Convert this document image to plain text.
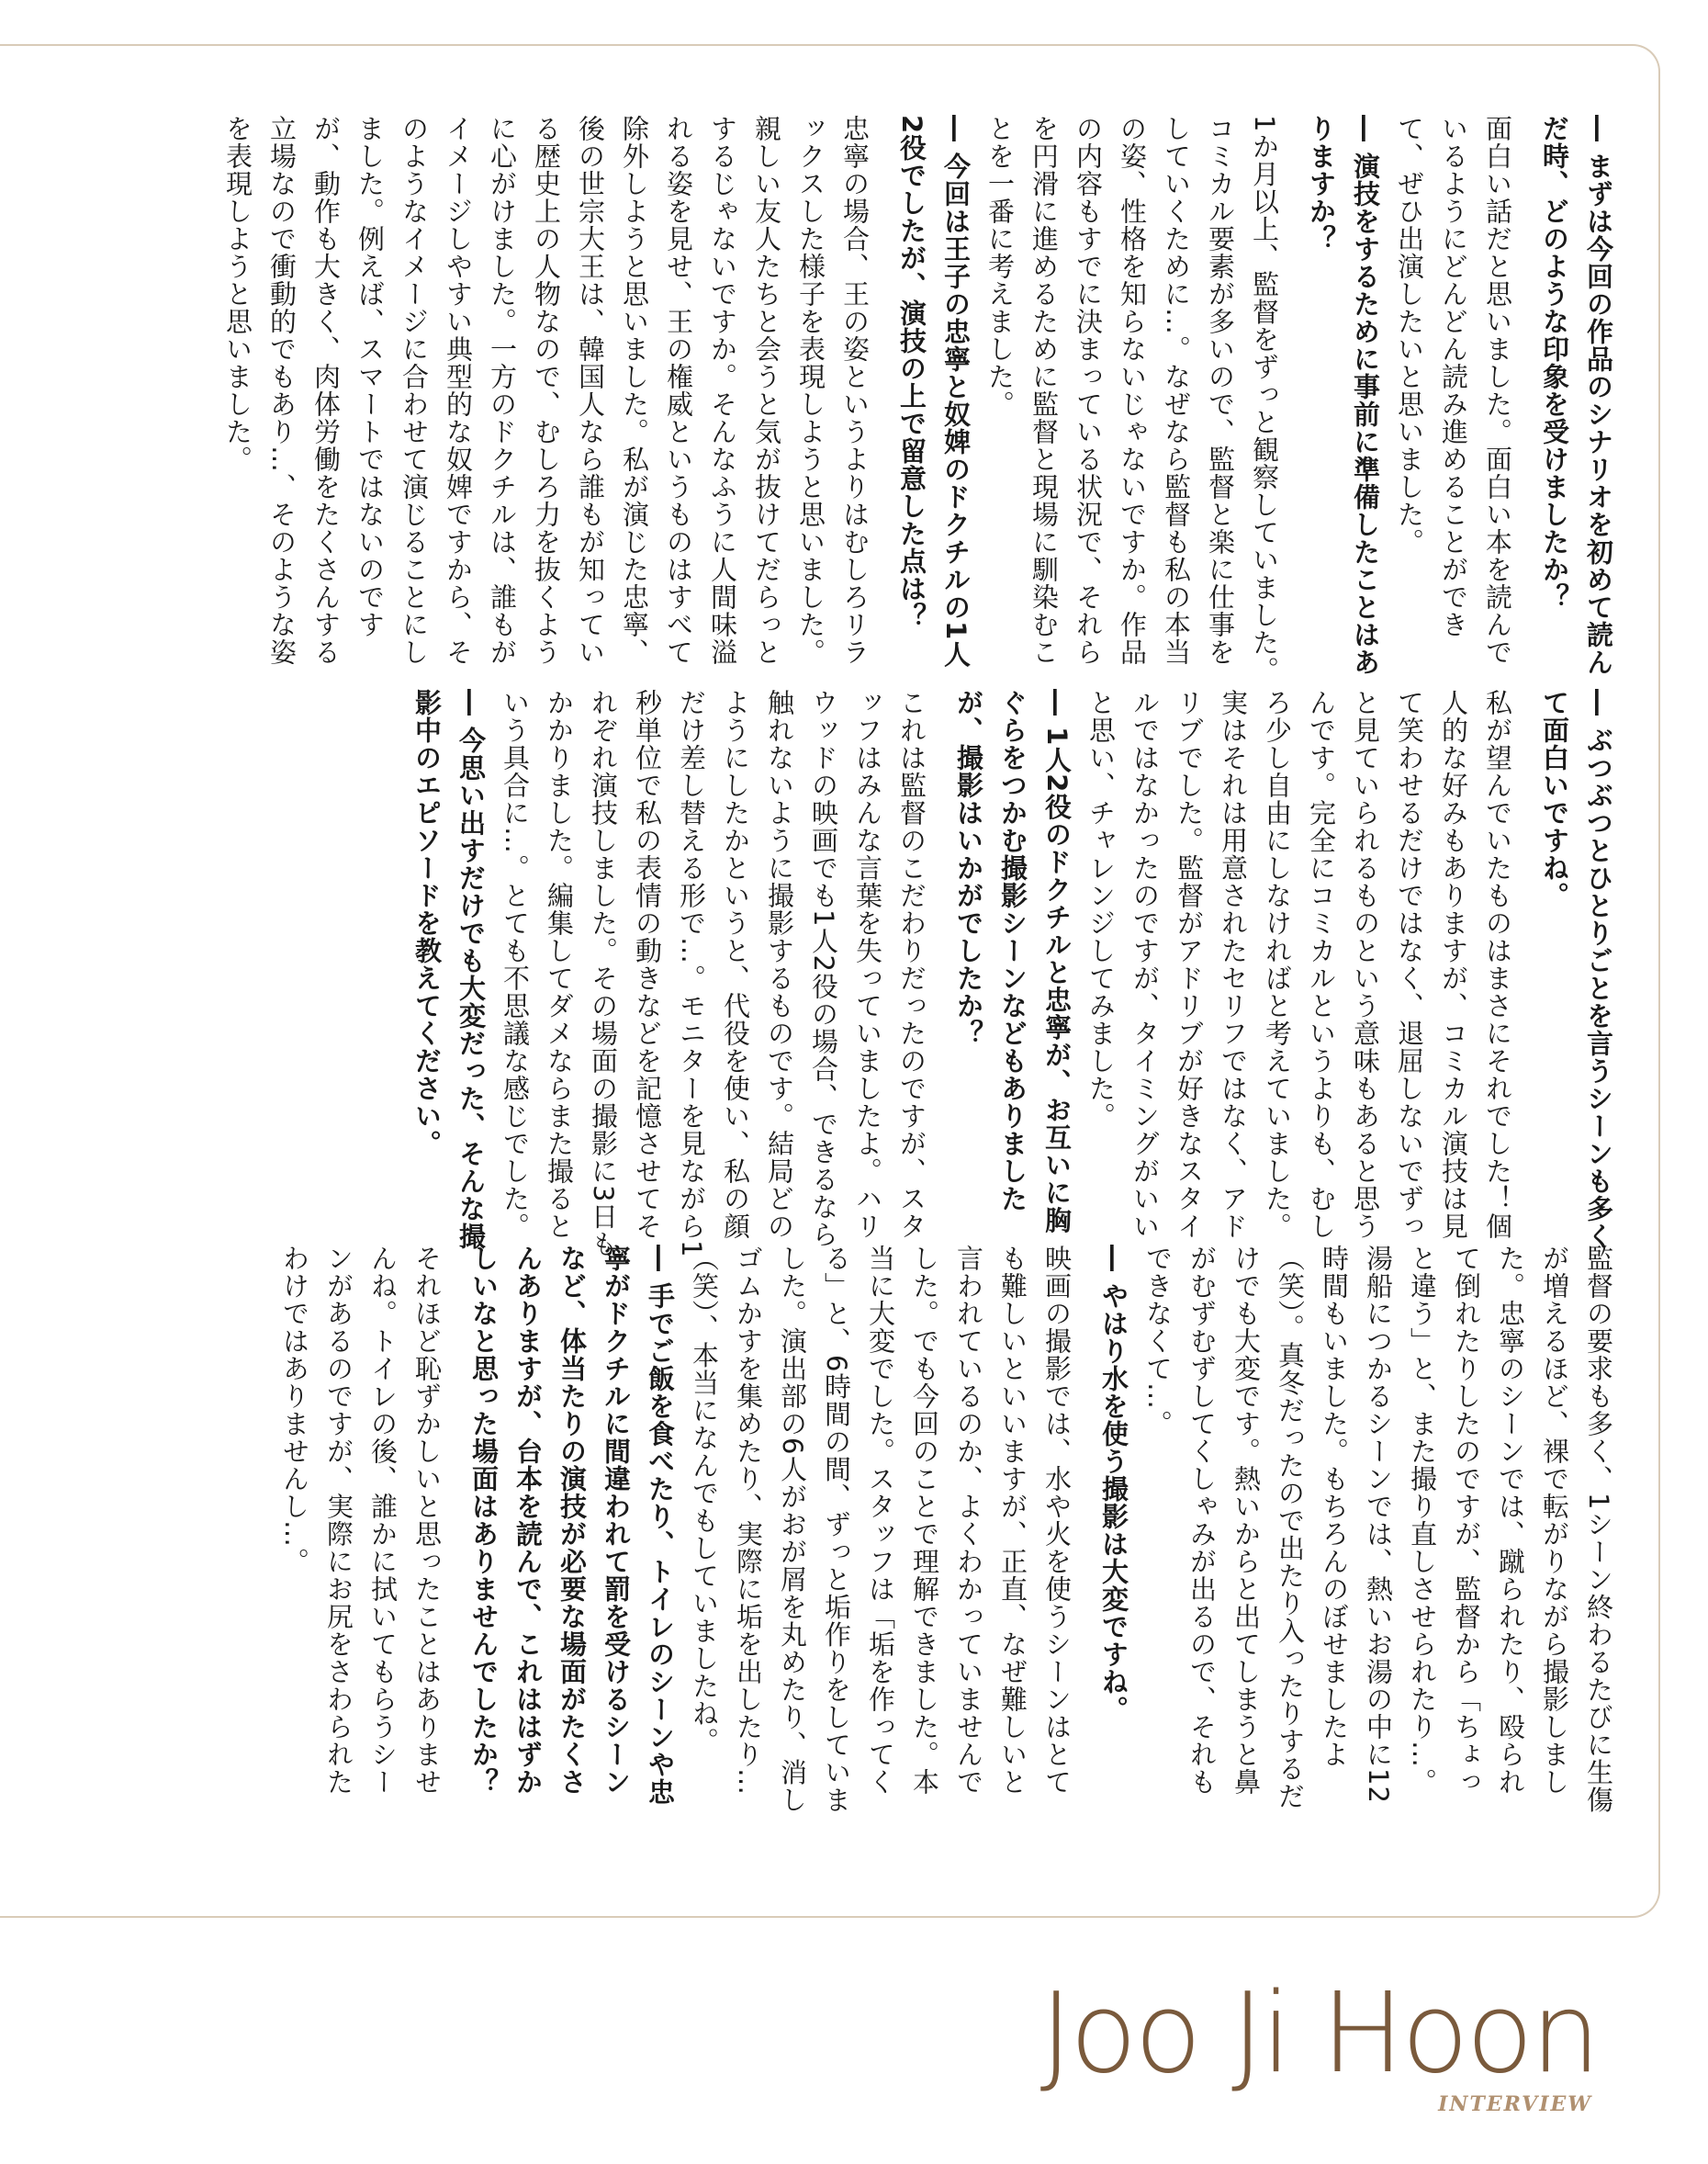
― まずは今回の作品のシナリオを初めて読んだ時、どのような印象を受けましたか？

面白い話だと思いました。面白い本を読んでいるようにどんどん読み進めることができて、ぜひ出演したいと思いました。

― 演技をするために事前に準備したことはありますか？

1か月以上、監督をずっと観察していました。コミカル要素が多いので、監督と楽に仕事をしていくために…。なぜなら監督も私の本当の姿、性格を知らないじゃないですか。作品の内容もすでに決まっている状況で、それらを円滑に進めるために監督と現場に馴染むことを一番に考えました。

― 今回は王子の忠寧と奴婢のドクチルの1人2役でしたが、演技の上で留意した点は？

忠寧の場合、王の姿というよりはむしろリラックスした様子を表現しようと思いました。親しい友人たちと会うと気が抜けてだらっとするじゃないですか。そんなふうに人間味溢れる姿を見せ、王の権威というものはすべて除外しようと思いました。私が演じた忠寧、後の世宗大王は、韓国人なら誰もが知っている歴史上の人物なので、むしろ力を抜くように心がけました。一方のドクチルは、誰もがイメージしやすい典型的な奴婢ですから、そのようなイメージに合わせて演じることにしました。例えば、スマートではないのですが、動作も大きく、肉体労働をたくさんする立場なので衝動的でもあり…、そのような姿を表現しようと思いました。

― ぶつぶつとひとりごとを言うシーンも多くて面白いですね。

私が望んでいたものはまさにそれでした！個人的な好みもありますが、コミカル演技は見て笑わせるだけではなく、退屈しないでずっと見ていられるものという意味もあると思うんです。完全にコミカルというよりも、むしろ少し自由にしなければと考えていました。実はそれは用意されたセリフではなく、アドリブでした。監督がアドリブが好きなスタイルではなかったのですが、タイミングがいいと思い、チャレンジしてみました。

― 1人2役のドクチルと忠寧が、お互いに胸ぐらをつかむ撮影シーンなどもありましたが、撮影はいかがでしたか？

これは監督のこだわりだったのですが、スタッフはみんな言葉を失っていましたよ。ハリウッドの映画でも1人2役の場合、できるなら触れないように撮影するものです。結局どのようにしたかというと、代役を使い、私の顔だけ差し替える形で…。モニターを見ながら1秒単位で私の表情の動きなどを記憶させてそれぞれ演技しました。その場面の撮影に3日もかかりました。編集してダメならまた撮るという具合に…。とても不思議な感じでした。

― 今思い出すだけでも大変だった、そんな撮影中のエピソードを教えてください。

監督の要求も多く、1シーン終わるたびに生傷が増えるほど、裸で転がりながら撮影しました。忠寧のシーンでは、蹴られたり、殴られて倒れたりしたのですが、監督から「ちょっと違う」と、また撮り直しさせられたり…。湯船につかるシーンでは、熱いお湯の中に12時間もいました。もちろんのぼせましたよ（笑）。真冬だったので出たり入ったりするだけでも大変です。熱いからと出てしまうと鼻がむずむずしてくしゃみが出るので、それもできなくて…。

― やはり水を使う撮影は大変ですね。

映画の撮影では、水や火を使うシーンはとても難しいといいますが、正直、なぜ難しいと言われているのか、よくわかっていませんでした。でも今回のことで理解できました。本当に大変でした。スタッフは「垢を作ってくる」と、6時間の間、ずっと垢作りをしていました。演出部の6人がおが屑を丸めたり、消しゴムかすを集めたり、実際に垢を出したり…（笑）、本当になんでもしていましたね。

― 手でご飯を食べたり、トイレのシーンや忠寧がドクチルに間違われて罰を受けるシーンなど、体当たりの演技が必要な場面がたくさんありますが、台本を読んで、これははずかしいなと思った場面はありませんでしたか？

それほど恥ずかしいと思ったことはありませんね。トイレの後、誰かに拭いてもらうシーンがあるのですが、実際にお尻をさわられたわけではありませんし…。

Joo Ji Hoon
INTERVIEW
